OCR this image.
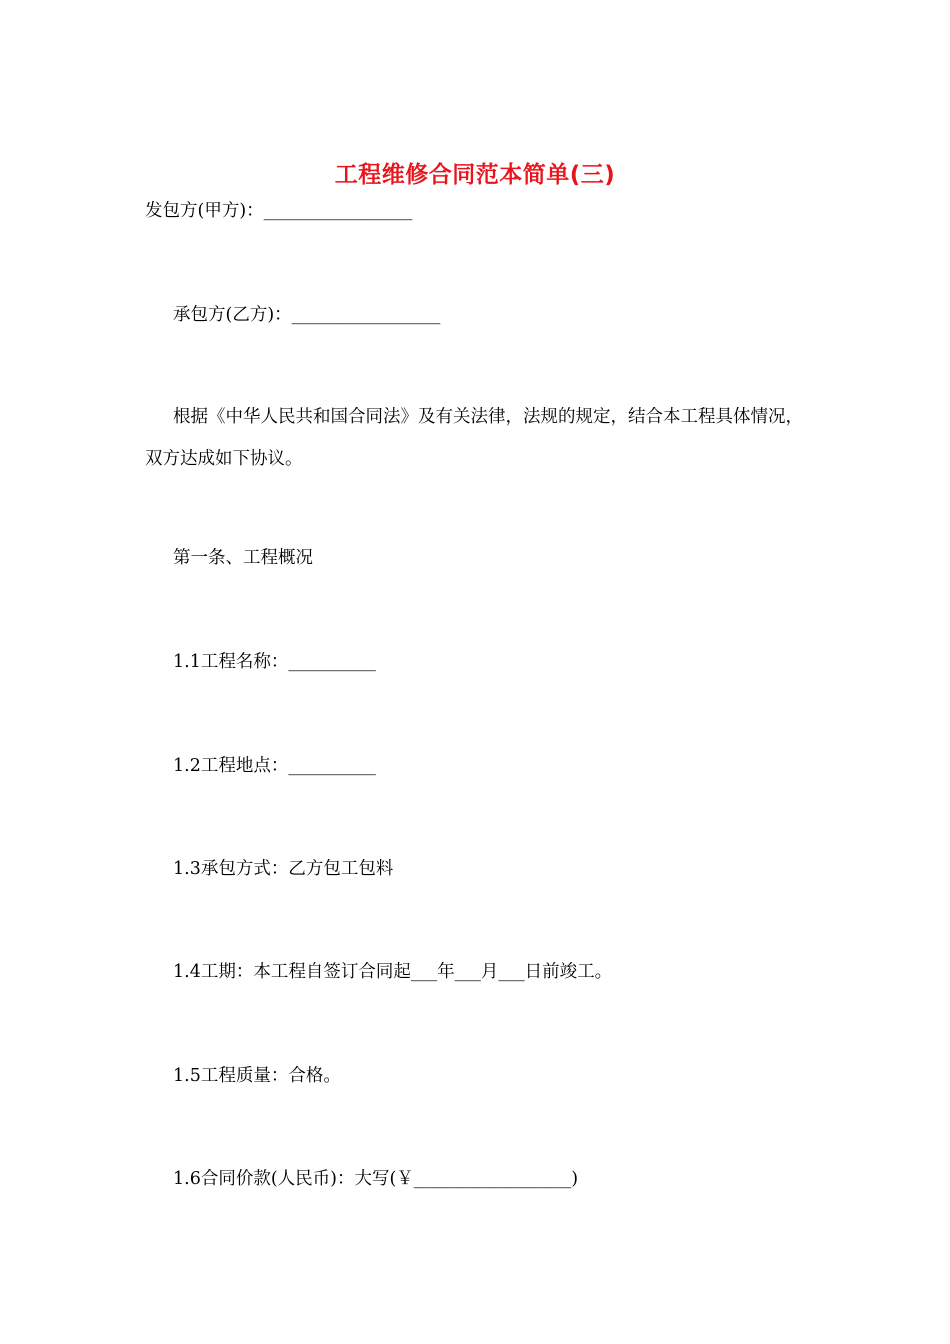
工程维修合同范本简单(三)
发包方(甲方)：_________________
承包方(乙方)：_________________
根据《中华人民共和国合同法》及有关法律，法规的规定，结合本工程具体情况，双方达成如下协议。
第一条、工程概况
1.1工程名称：__________
1.2工程地点：__________
1.3承包方式：乙方包工包料
1.4工期：本工程自签订合同起___年___月___日前竣工。
1.5工程质量：合格。
1.6合同价款(人民币)：大写(￥__________________)
